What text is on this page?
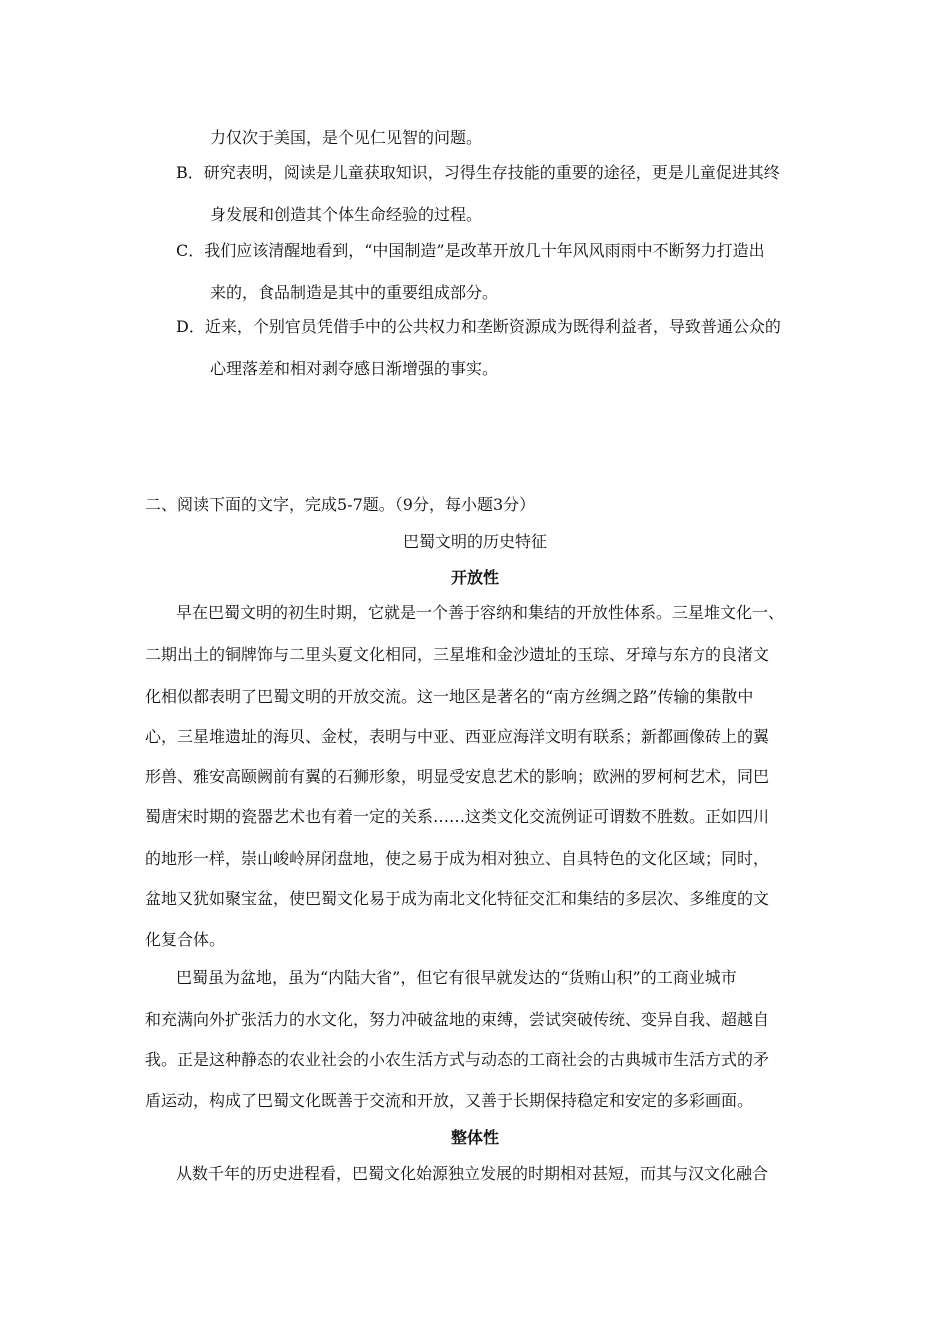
力仅次于美国，是个见仁见智的问题。
B．研究表明，阅读是儿童获取知识，习得生存技能的重要的途径，更是儿童促进其终
身发展和创造其个体生命经验的过程。
C．我们应该清醒地看到，“中国制造”是改革开放几十年风风雨雨中不断努力打造出
来的，食品制造是其中的重要组成部分。
D．近来，个别官员凭借手中的公共权力和垄断资源成为既得利益者，导致普通公众的
心理落差和相对剥夺感日渐增强的事实。
二、阅读下面的文字，完成5-7题。（9分，每小题3分）
巴蜀文明的历史特征
开放性
早在巴蜀文明的初生时期，它就是一个善于容纳和集结的开放性体系。三星堆文化一、
二期出土的铜牌饰与二里头夏文化相同，三星堆和金沙遗址的玉琮、牙璋与东方的良渚文
化相似都表明了巴蜀文明的开放交流。这一地区是著名的“南方丝绸之路”传输的集散中
心，三星堆遗址的海贝、金杖，表明与中亚、西亚应海洋文明有联系；新都画像砖上的翼
形兽、雅安高颐阙前有翼的石狮形象，明显受安息艺术的影响；欧洲的罗柯柯艺术，同巴
蜀唐宋时期的瓷器艺术也有着一定的关系……这类文化交流例证可谓数不胜数。正如四川
的地形一样，崇山峻岭屏闭盘地，使之易于成为相对独立、自具特色的文化区域；同时，
盆地又犹如聚宝盆，使巴蜀文化易于成为南北文化特征交汇和集结的多层次、多维度的文
化复合体。
巴蜀虽为盆地，虽为“内陆大省”，但它有很早就发达的“货贿山积”的工商业城市
和充满向外扩张活力的水文化，努力冲破盆地的束缚，尝试突破传统、变异自我、超越自
我。正是这种静态的农业社会的小农生活方式与动态的工商社会的古典城市生活方式的矛
盾运动，构成了巴蜀文化既善于交流和开放，又善于长期保持稳定和安定的多彩画面。
整体性
从数千年的历史进程看，巴蜀文化始源独立发展的时期相对甚短，而其与汉文化融合
